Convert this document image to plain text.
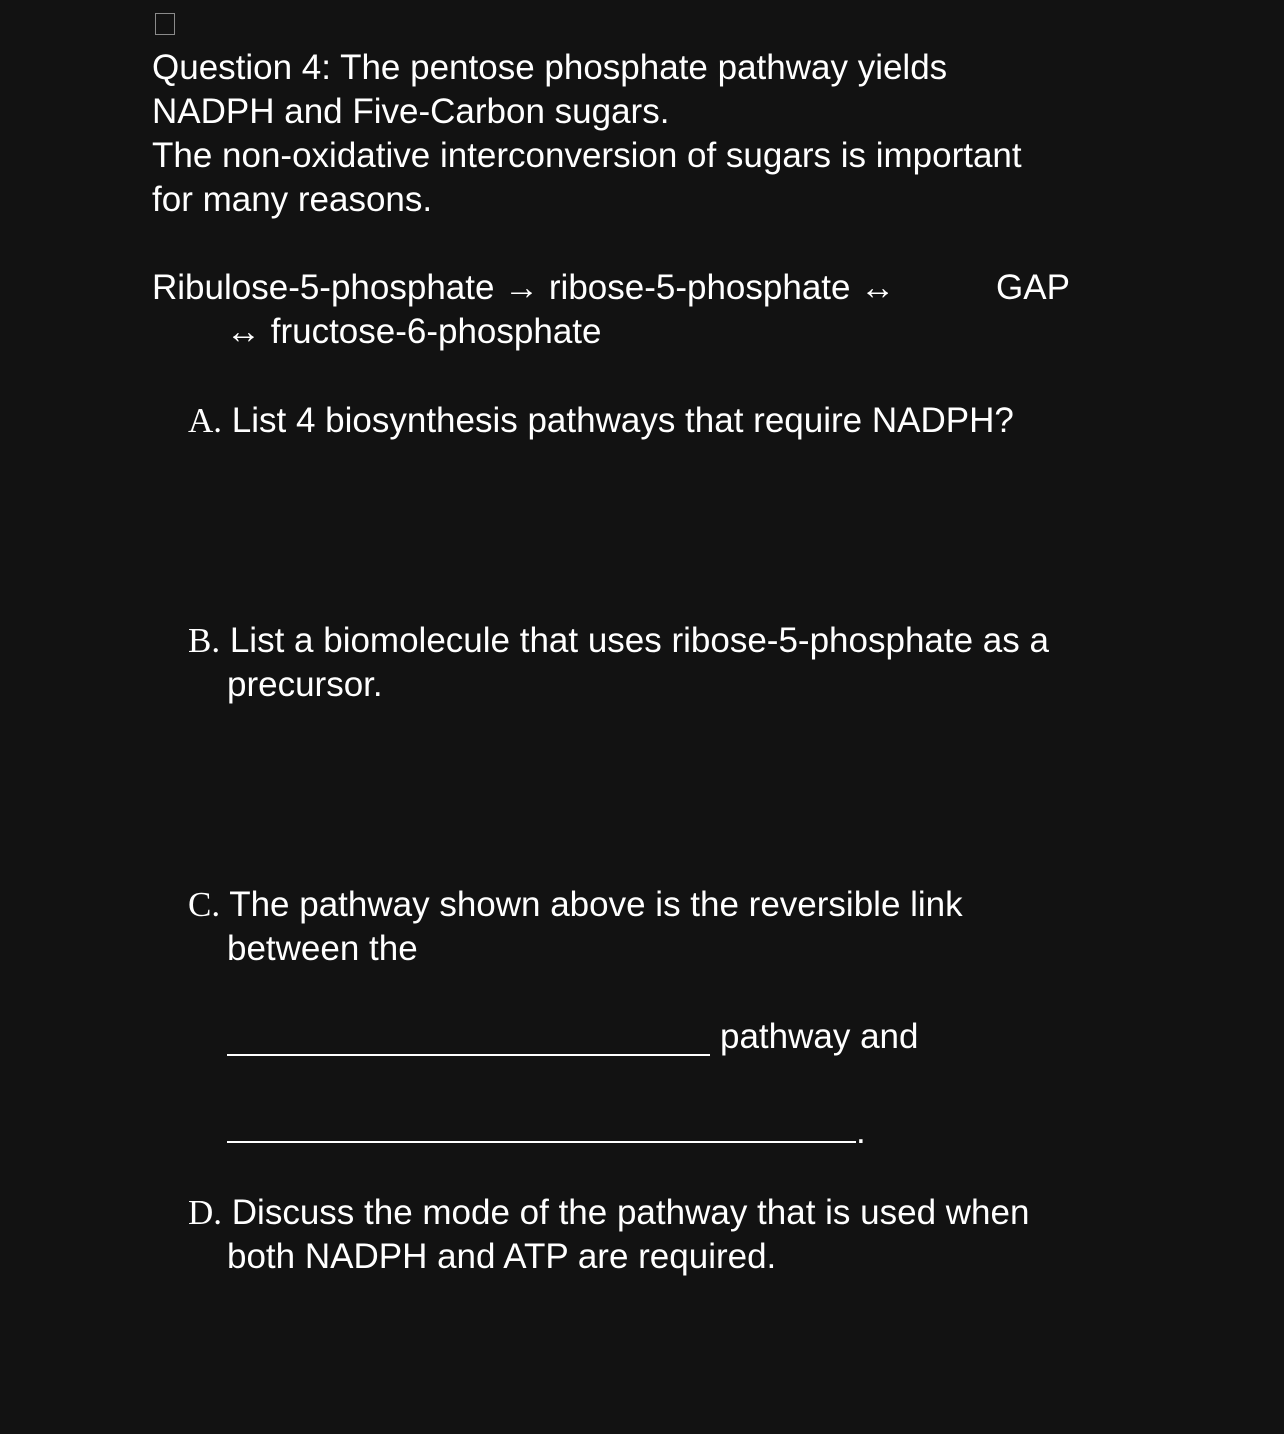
Question 4: The pentose phosphate pathway yields
NADPH and Five-Carbon sugars.
The non-oxidative interconversion of sugars is important
for many reasons.
Ribulose-5-phosphate → ribose-5-phosphate ↔	GAP
↔ fructose-6-phosphate
A. List 4 biosynthesis pathways that require NADPH?
B. List a biomolecule that uses ribose-5-phosphate as a
precursor.
C. The pathway shown above is the reversible link
between the
pathway and
.
D. Discuss the mode of the pathway that is used when
both NADPH and ATP are required.
